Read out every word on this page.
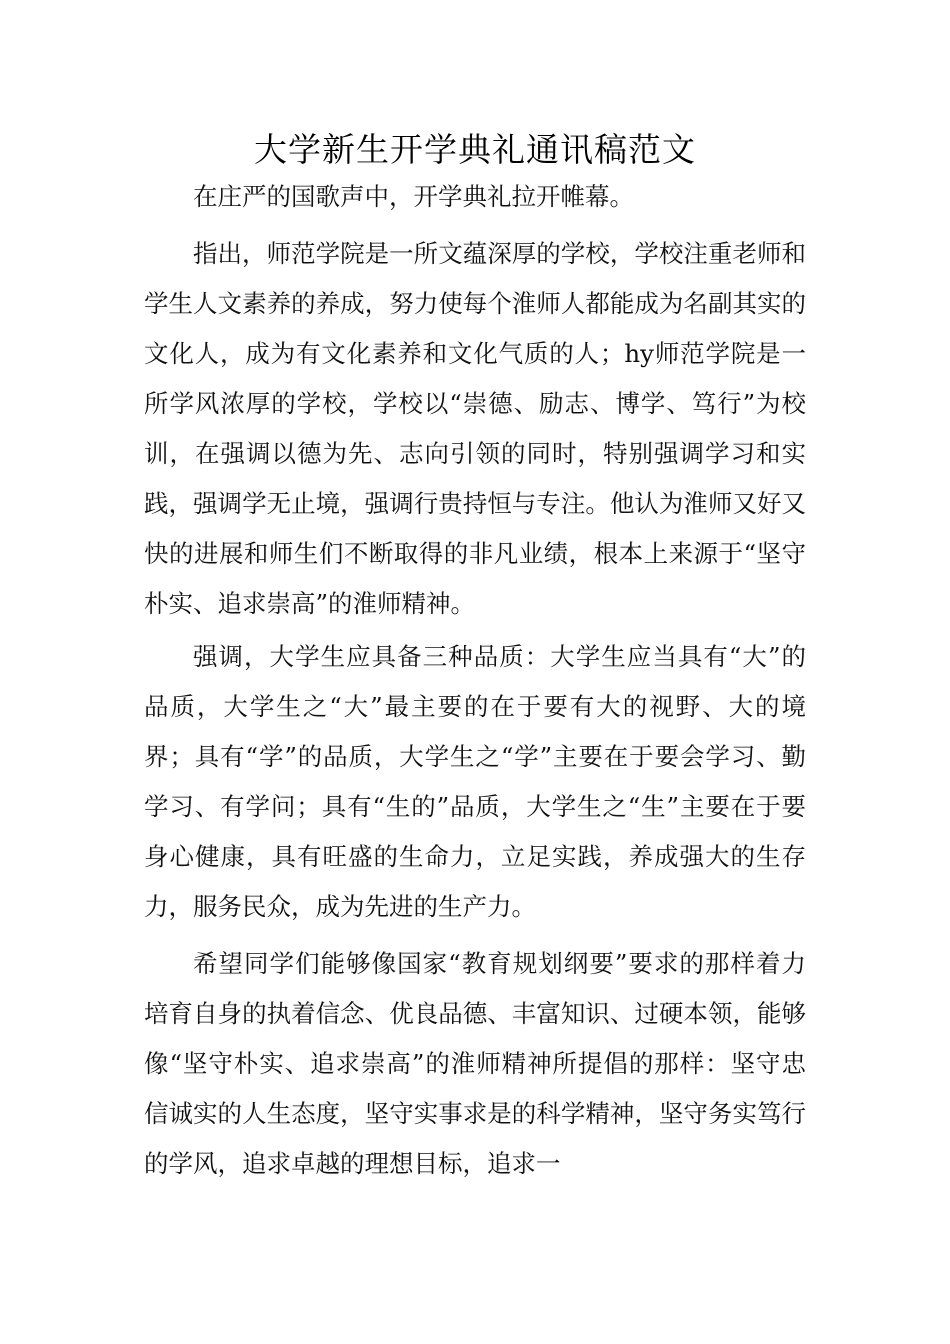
大学新生开学典礼通讯稿范文

在庄严的国歌声中，开学典礼拉开帷幕。

指出，师范学院是一所文蕴深厚的学校，学校注重老师和学生人文素养的养成，努力使每个淮师人都能成为名副其实的文化人，成为有文化素养和文化气质的人；hy师范学院是一所学风浓厚的学校，学校以“崇德、励志、博学、笃行”为校训，在强调以德为先、志向引领的同时，特别强调学习和实践，强调学无止境，强调行贵持恒与专注。他认为淮师又好又快的进展和师生们不断取得的非凡业绩，根本上来源于“坚守朴实、追求崇高”的淮师精神。

强调，大学生应具备三种品质：大学生应当具有“大”的品质，大学生之“大”最主要的在于要有大的视野、大的境界；具有“学”的品质，大学生之“学”主要在于要会学习、勤学习、有学问；具有“生的”品质，大学生之“生”主要在于要身心健康，具有旺盛的生命力，立足实践，养成强大的生存力，服务民众，成为先进的生产力。

希望同学们能够像国家“教育规划纲要”要求的那样着力培育自身的执着信念、优良品德、丰富知识、过硬本领，能够像“坚守朴实、追求崇高”的淮师精神所提倡的那样：坚守忠信诚实的人生态度，坚守实事求是的科学精神，坚守务实笃行的学风，追求卓越的理想目标，追求一
